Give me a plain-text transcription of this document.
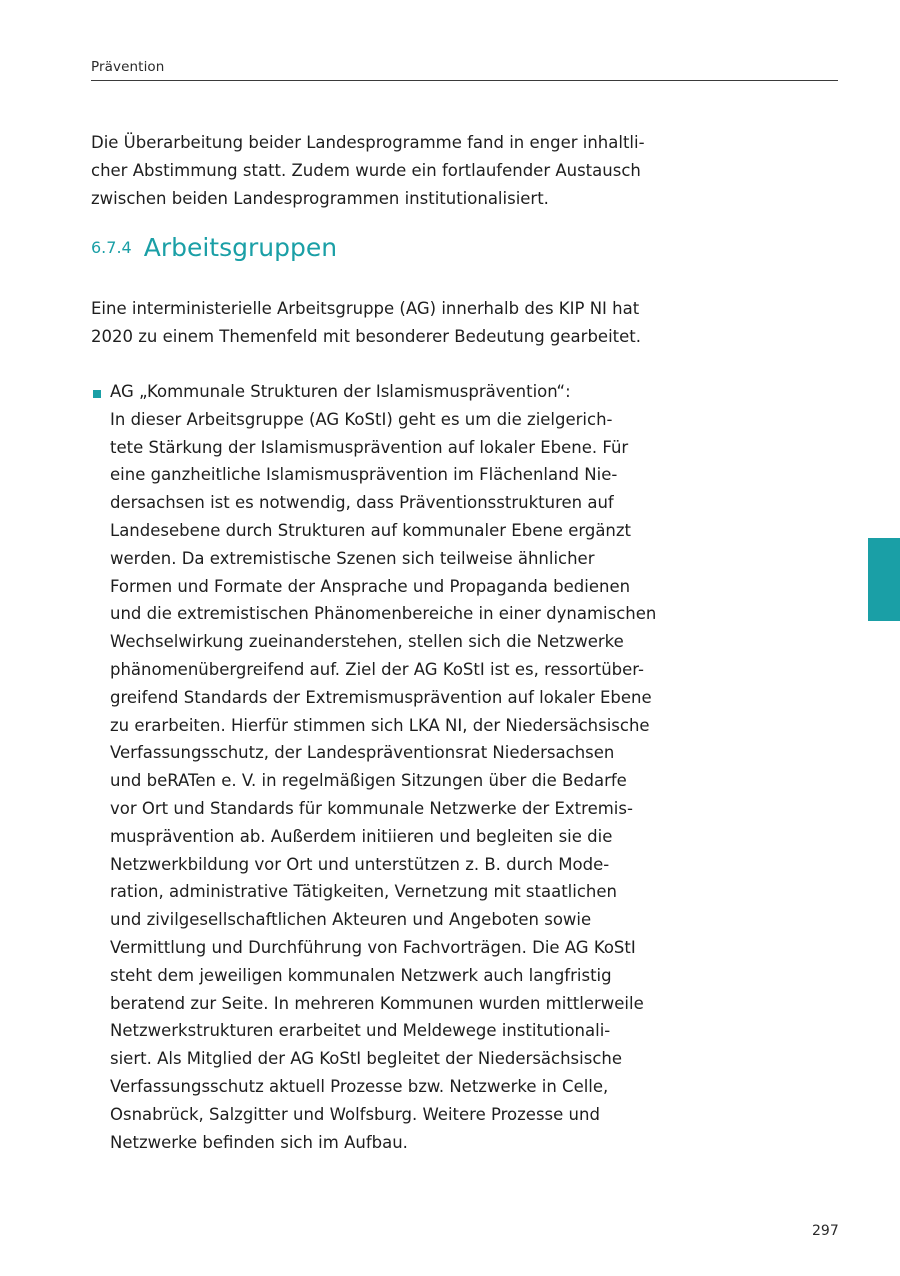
Prävention

Die Überarbeitung beider Landesprogramme fand in enger inhaltli-
cher Abstimmung statt. Zudem wurde ein fortlaufender Austausch
zwischen beiden Landesprogrammen institutionalisiert.

6.7.4 Arbeitsgruppen

Eine interministerielle Arbeitsgruppe (AG) innerhalb des KIP NI hat
2020 zu einem Themenfeld mit besonderer Bedeutung gearbeitet.

AG „Kommunale Strukturen der Islamismusprävention“:
In dieser Arbeitsgruppe (AG KoStI) geht es um die zielgerich-
tete Stärkung der Islamismusprävention auf lokaler Ebene. Für
eine ganzheitliche Islamismusprävention im Flächenland Nie-
dersachsen ist es notwendig, dass Präventionsstrukturen auf
Landesebene durch Strukturen auf kommunaler Ebene ergänzt
werden. Da extremistische Szenen sich teilweise ähnlicher
Formen und Formate der Ansprache und Propaganda bedienen
und die extremistischen Phänomenbereiche in einer dynamischen
Wechselwirkung zueinanderstehen, stellen sich die Netzwerke
phänomenübergreifend auf. Ziel der AG KoStI ist es, ressortüber-
greifend Standards der Extremismusprävention auf lokaler Ebene
zu erarbeiten. Hierfür stimmen sich LKA NI, der Niedersächsische
Verfassungsschutz, der Landespräventionsrat Niedersachsen
und beRATen e. V. in regelmäßigen Sitzungen über die Bedarfe
vor Ort und Standards für kommunale Netzwerke der Extremis-
musprävention ab. Außerdem initiieren und begleiten sie die
Netzwerkbildung vor Ort und unterstützen z. B. durch Mode-
ration, administrative Tätigkeiten, Vernetzung mit staatlichen
und zivilgesellschaftlichen Akteuren und Angeboten sowie
Vermittlung und Durchführung von Fachvorträgen. Die AG KoStI
steht dem jeweiligen kommunalen Netzwerk auch langfristig
beratend zur Seite. In mehreren Kommunen wurden mittlerweile
Netzwerkstrukturen erarbeitet und Meldewege institutionali-
siert. Als Mitglied der AG KoStI begleitet der Niedersächsische
Verfassungsschutz aktuell Prozesse bzw. Netzwerke in Celle,
Osnabrück, Salzgitter und Wolfsburg. Weitere Prozesse und
Netzwerke befinden sich im Aufbau.
297
